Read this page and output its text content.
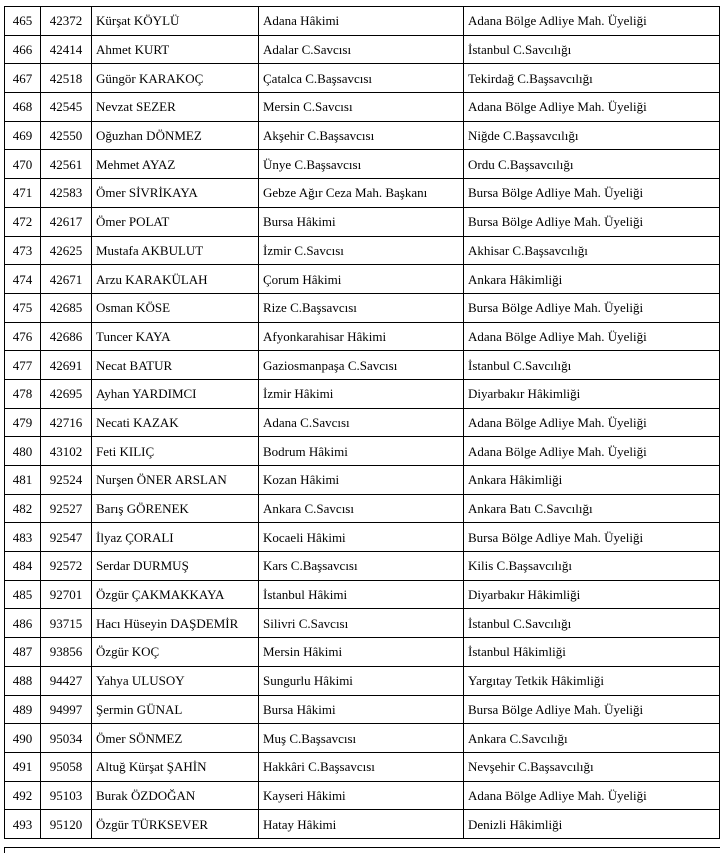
465	42372	Kürşat KÖYLÜ	Adana Hâkimi	Adana Bölge Adliye Mah. Üyeliği
466	42414	Ahmet KURT	Adalar C.Savcısı	İstanbul C.Savcılığı
467	42518	Güngör KARAKOÇ	Çatalca C.Başsavcısı	Tekirdağ C.Başsavcılığı
468	42545	Nevzat SEZER	Mersin C.Savcısı	Adana Bölge Adliye Mah. Üyeliği
469	42550	Oğuzhan DÖNMEZ	Akşehir C.Başsavcısı	Niğde C.Başsavcılığı
470	42561	Mehmet AYAZ	Ünye C.Başsavcısı	Ordu C.Başsavcılığı
471	42583	Ömer SİVRİKAYA	Gebze Ağır Ceza Mah. Başkanı	Bursa Bölge Adliye Mah. Üyeliği
472	42617	Ömer POLAT	Bursa Hâkimi	Bursa Bölge Adliye Mah. Üyeliği
473	42625	Mustafa AKBULUT	İzmir C.Savcısı	Akhisar C.Başsavcılığı
474	42671	Arzu KARAKÜLAH	Çorum Hâkimi	Ankara Hâkimliği
475	42685	Osman KÖSE	Rize C.Başsavcısı	Bursa Bölge Adliye Mah. Üyeliği
476	42686	Tuncer KAYA	Afyonkarahisar Hâkimi	Adana Bölge Adliye Mah. Üyeliği
477	42691	Necat BATUR	Gaziosmanpaşa C.Savcısı	İstanbul C.Savcılığı
478	42695	Ayhan YARDIMCI	İzmir Hâkimi	Diyarbakır Hâkimliği
479	42716	Necati KAZAK	Adana C.Savcısı	Adana Bölge Adliye Mah. Üyeliği
480	43102	Feti KILIÇ	Bodrum Hâkimi	Adana Bölge Adliye Mah. Üyeliği
481	92524	Nurşen ÖNER ARSLAN	Kozan Hâkimi	Ankara Hâkimliği
482	92527	Barış GÖRENEK	Ankara C.Savcısı	Ankara Batı C.Savcılığı
483	92547	İlyaz ÇORALI	Kocaeli Hâkimi	Bursa Bölge Adliye Mah. Üyeliği
484	92572	Serdar DURMUŞ	Kars C.Başsavcısı	Kilis C.Başsavcılığı
485	92701	Özgür ÇAKMAKKAYA	İstanbul Hâkimi	Diyarbakır Hâkimliği
486	93715	Hacı Hüseyin DAŞDEMİR	Silivri C.Savcısı	İstanbul C.Savcılığı
487	93856	Özgür KOÇ	Mersin Hâkimi	İstanbul Hâkimliği
488	94427	Yahya ULUSOY	Sungurlu Hâkimi	Yargıtay Tetkik Hâkimliği
489	94997	Şermin GÜNAL	Bursa Hâkimi	Bursa Bölge Adliye Mah. Üyeliği
490	95034	Ömer SÖNMEZ	Muş C.Başsavcısı	Ankara C.Savcılığı
491	95058	Altuğ Kürşat ŞAHİN	Hakkâri C.Başsavcısı	Nevşehir C.Başsavcılığı
492	95103	Burak ÖZDOĞAN	Kayseri Hâkimi	Adana Bölge Adliye Mah. Üyeliği
493	95120	Özgür TÜRKSEVER	Hatay Hâkimi	Denizli Hâkimliği
